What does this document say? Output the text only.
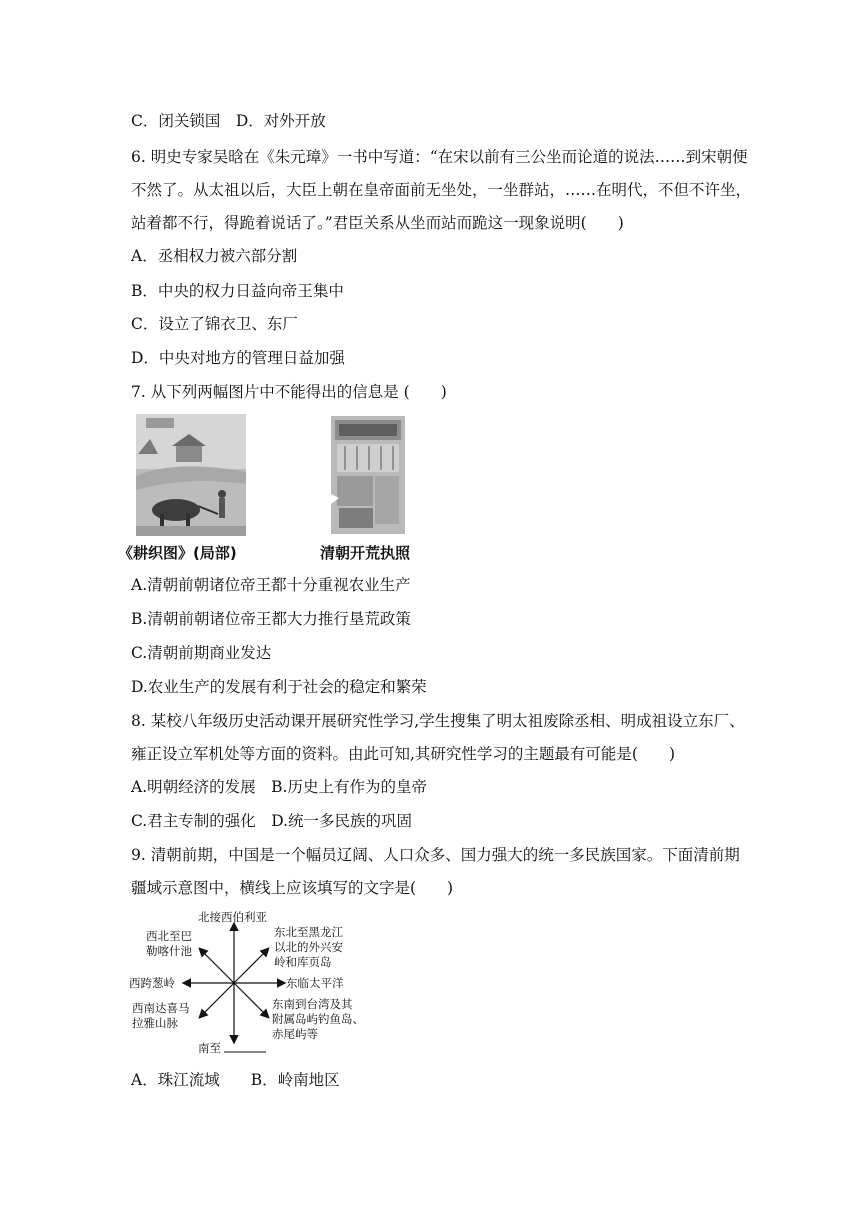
C．闭关锁国　D．对外开放
6. 明史专家吴晗在《朱元璋》一书中写道：“在宋以前有三公坐而论道的说法……到宋朝便
不然了。从太祖以后，大臣上朝在皇帝面前无坐处，一坐群站，……在明代，不但不许坐，
站着都不行，得跪着说话了。”君臣关系从坐而站而跪这一现象说明(　　)
A．丞相权力被六部分割
B．中央的权力日益向帝王集中
C．设立了锦衣卫、东厂
D．中央对地方的管理日益加强
7. 从下列两幅图片中不能得出的信息是 (　　)
《耕织图》(局部)	清朝开荒执照
A.清朝前朝诸位帝王都十分重视农业生产
B.清朝前朝诸位帝王都大力推行垦荒政策
C.清朝前期商业发达
D.农业生产的发展有利于社会的稳定和繁荣
8. 某校八年级历史活动课开展研究性学习,学生搜集了明太祖废除丞相、明成祖设立东厂、
雍正设立军机处等方面的资料。由此可知,其研究性学习的主题最有可能是(　　)
A.明朝经济的发展　B.历史上有作为的皇帝
C.君主专制的强化　D.统一多民族的巩固
9. 清朝前期，中国是一个幅员辽阔、人口众多、国力强大的统一多民族国家。下面清前期
疆域示意图中，横线上应该填写的文字是(　　)
北接西伯利亚
西北至巴
勒喀什池
东北至黑龙江
以北的外兴安
岭和库页岛
西跨葱岭	东临太平洋
西南达喜马
拉雅山脉
东南到台湾及其
附属岛屿钓鱼岛、
赤尾屿等
南至
A．珠江流域　　B．岭南地区
